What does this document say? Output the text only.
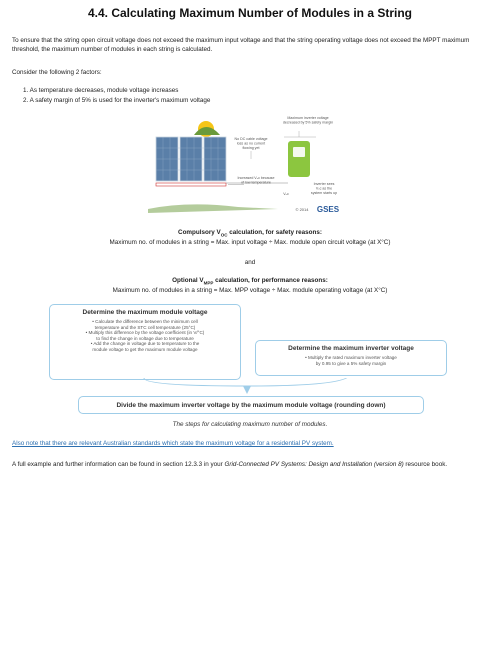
4.4. Calculating Maximum Number of Modules in a String
To ensure that the string open circuit voltage does not exceed the maximum input voltage and that the string operating voltage does not exceed the MPPT maximum threshold, the maximum number of modules in each string is calculated.
Consider the following 2 factors:
1. As temperature decreases, module voltage increases
2. A safety margin of 5% is used for the inverter's maximum voltage
Maximum inverter voltage
decreased by 5% safety margin
No DC cable voltage
loss as no current
flowing yet
Increased Vₒc because
of low temperature
Vₒc
Inverter sees
Vₒc as the
system starts up
© 2014 GSES
Compulsory $V_{OC}$ calculation, for safety reasons:
Maximum no. of modules in a string = Max. input voltage ÷ Max. module open circuit voltage (at X°C)
and
Optional $V_{MPP}$ calculation, for performance reasons:
Maximum no. of modules in a string = Max. MPP voltage ÷ Max. module operating voltage (at X°C)
Determine the maximum module voltage
• Calculate the difference between the minimum cell
temperature and the STC cell temperature (25°C)
• Multiply this difference by the voltage coefficient (in V/°C)
to find the change in voltage due to temperature
• Add the change in voltage due to temperature to the
module voltage to get the maximum module voltage	Determine the maximum inverter voltage
• Multiply the rated maximum inverter voltage
by 0.95 to give a 5% safety margin
Divide the maximum inverter voltage by the maximum module voltage (rounding down)
The steps for calculating maximum number of modules.
Also note that there are relevant Australian standards which state the maximum voltage for a residential PV system.
A full example and further information can be found in section 12.3.3 in your Grid-Connected PV Systems: Design and Installation (version 8) resource book.
